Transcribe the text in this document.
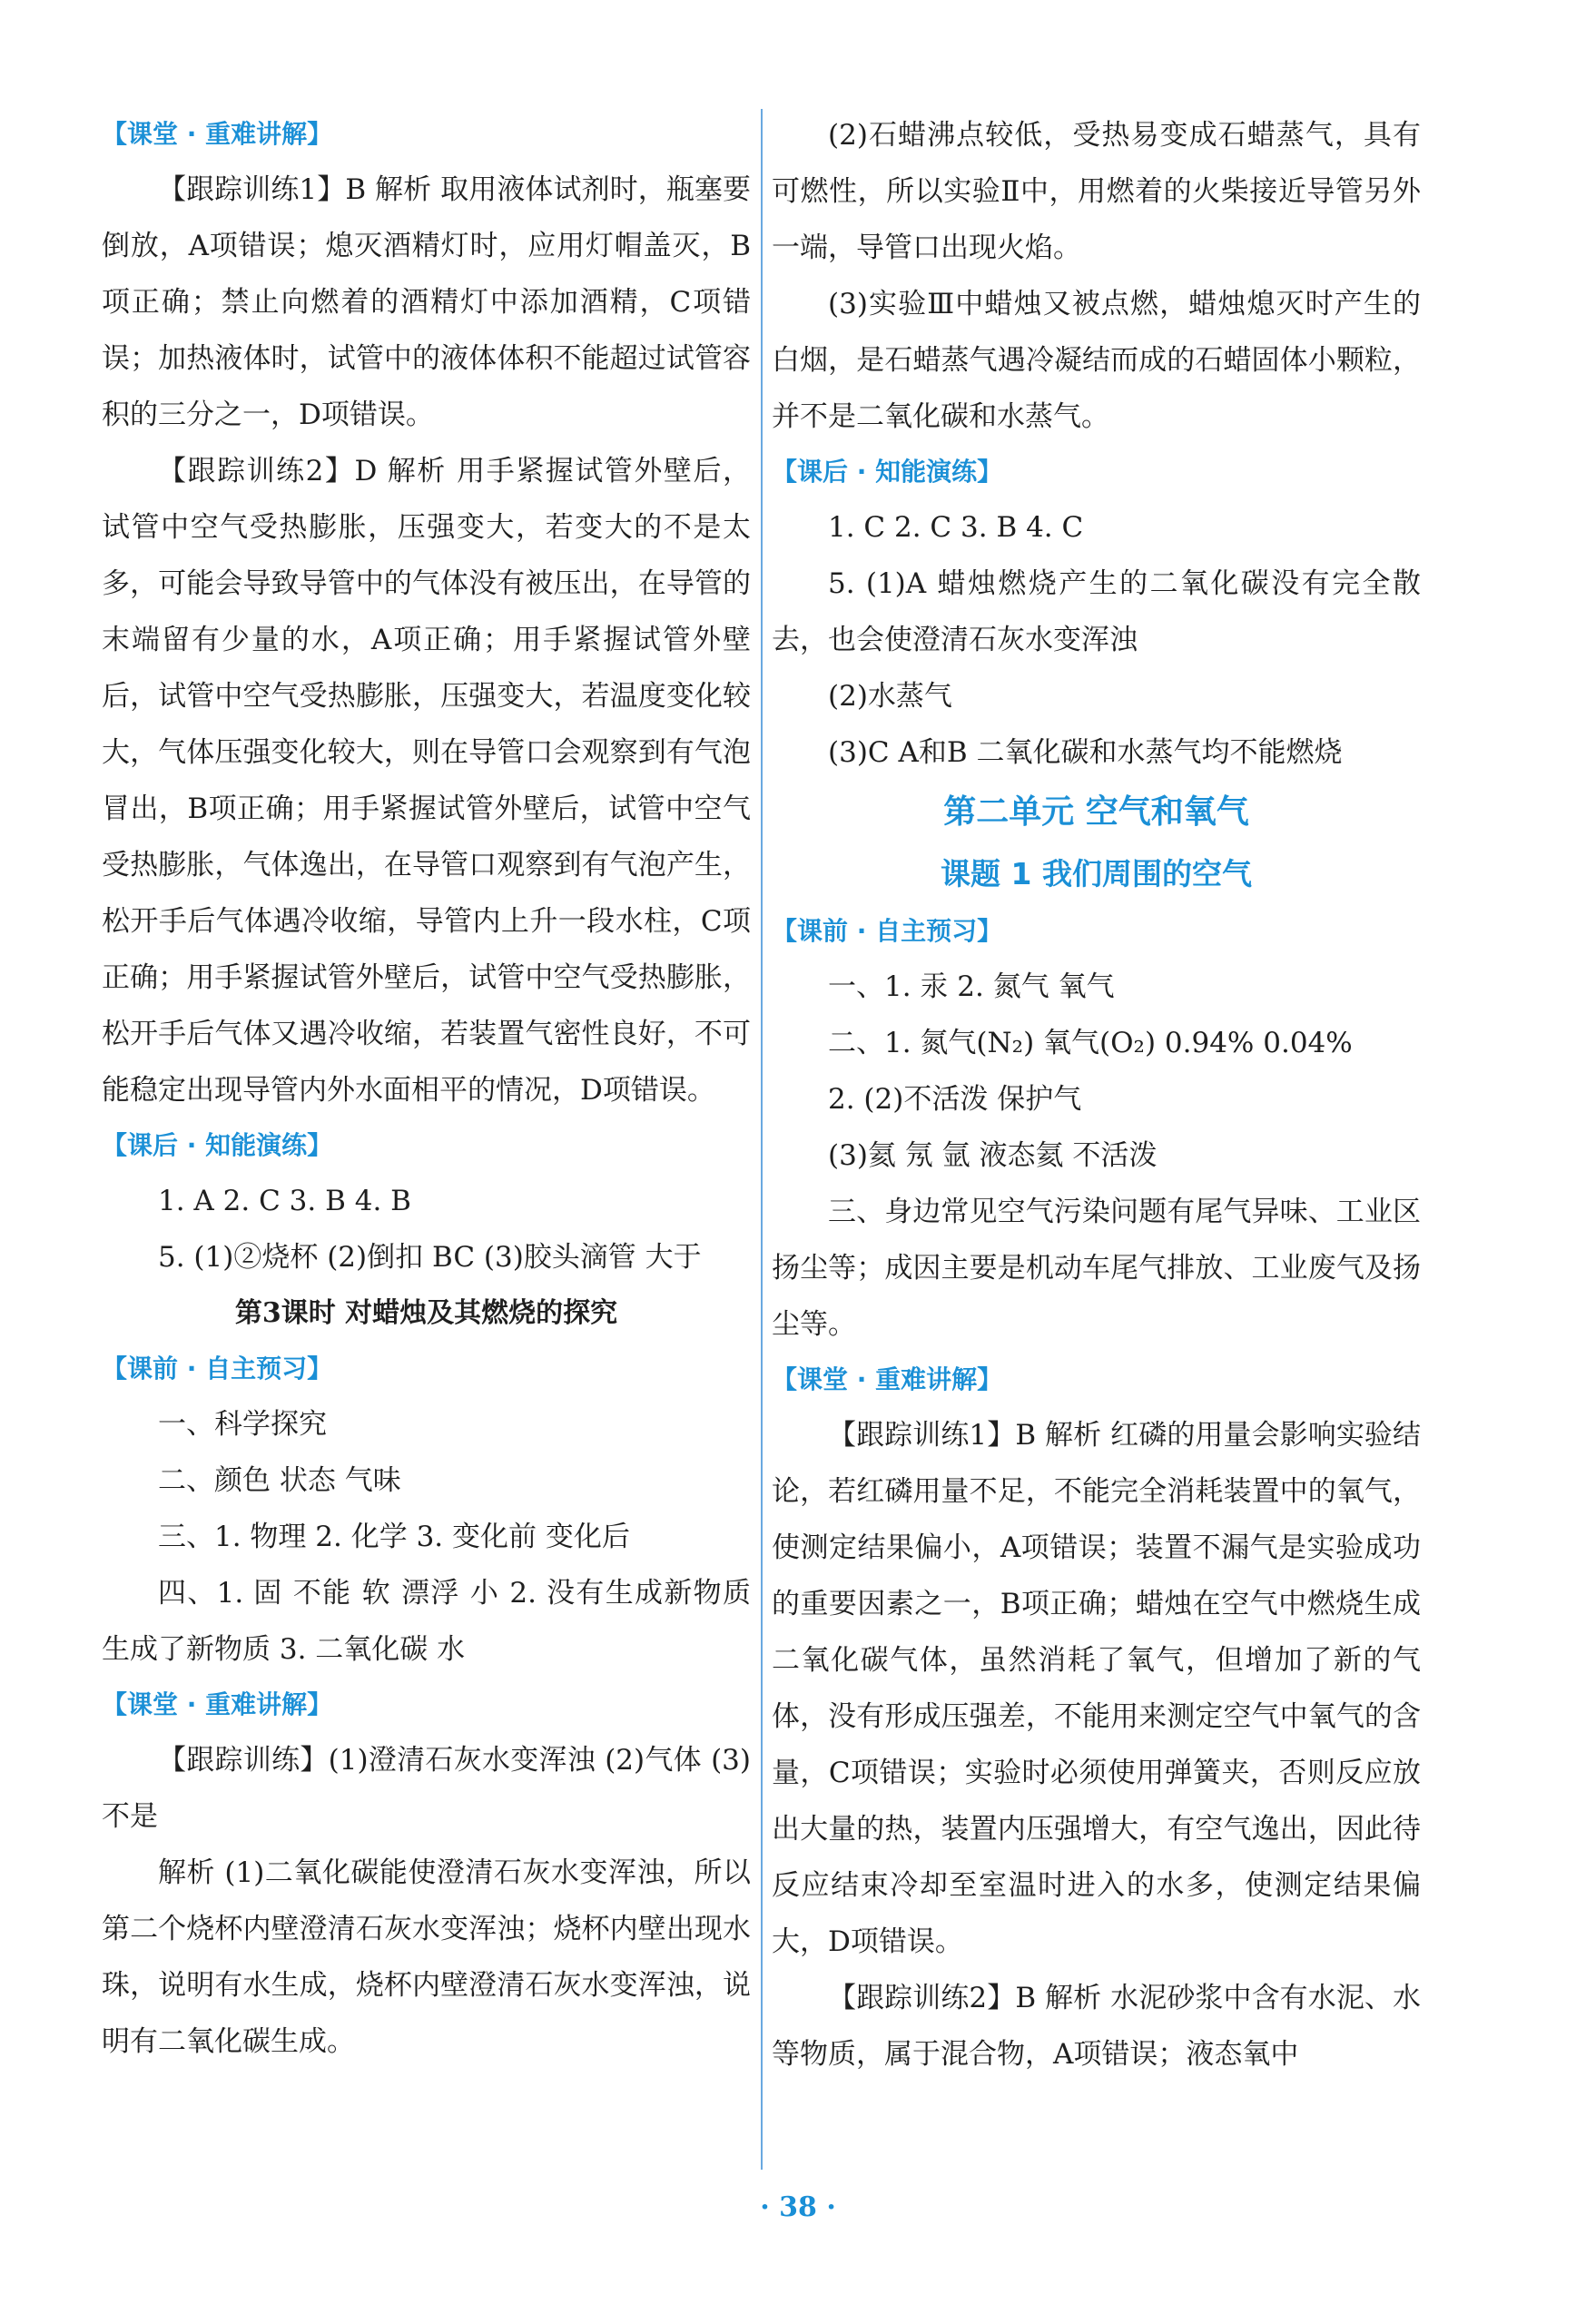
【课堂 · 重难讲解】

【跟踪训练1】B 解析 取用液体试剂时，瓶塞要倒放，A项错误；熄灭酒精灯时，应用灯帽盖灭，B项正确；禁止向燃着的酒精灯中添加酒精，C项错误；加热液体时，试管中的液体体积不能超过试管容积的三分之一，D项错误。

【跟踪训练2】D 解析 用手紧握试管外壁后，试管中空气受热膨胀，压强变大，若变大的不是太多，可能会导致导管中的气体没有被压出，在导管的末端留有少量的水，A项正确；用手紧握试管外壁后，试管中空气受热膨胀，压强变大，若温度变化较大，气体压强变化较大，则在导管口会观察到有气泡冒出，B项正确；用手紧握试管外壁后，试管中空气受热膨胀，气体逸出，在导管口观察到有气泡产生，松开手后气体遇冷收缩，导管内上升一段水柱，C项正确；用手紧握试管外壁后，试管中空气受热膨胀，松开手后气体又遇冷收缩，若装置气密性良好，不可能稳定出现导管内外水面相平的情况，D项错误。

【课后 · 知能演练】

1. A 2. C 3. B 4. B

5. (1)②烧杯 (2)倒扣 BC (3)胶头滴管 大于

第3课时 对蜡烛及其燃烧的探究
【课前 · 自主预习】

一、科学探究

二、颜色 状态 气味

三、1. 物理 2. 化学 3. 变化前 变化后

四、1. 固 不能 软 漂浮 小 2. 没有生成新物质 生成了新物质 3. 二氧化碳 水

【课堂 · 重难讲解】

【跟踪训练】(1)澄清石灰水变浑浊 (2)气体 (3)不是

解析 (1)二氧化碳能使澄清石灰水变浑浊，所以第二个烧杯内壁澄清石灰水变浑浊；烧杯内壁出现水珠，说明有水生成，烧杯内壁澄清石灰水变浑浊，说明有二氧化碳生成。

(2)石蜡沸点较低，受热易变成石蜡蒸气，具有可燃性，所以实验Ⅱ中，用燃着的火柴接近导管另外一端，导管口出现火焰。

(3)实验Ⅲ中蜡烛又被点燃，蜡烛熄灭时产生的白烟，是石蜡蒸气遇冷凝结而成的石蜡固体小颗粒，并不是二氧化碳和水蒸气。

【课后 · 知能演练】

1. C 2. C 3. B 4. C

5. (1)A 蜡烛燃烧产生的二氧化碳没有完全散去，也会使澄清石灰水变浑浊

(2)水蒸气

(3)C A和B 二氧化碳和水蒸气均不能燃烧

第二单元 空气和氧气
课题 1 我们周围的空气
【课前 · 自主预习】

一、1. 汞 2. 氮气 氧气

二、1. 氮气(N₂) 氧气(O₂) 0.94% 0.04%

2. (2)不活泼 保护气

(3)氦 氖 氩 液态氦 不活泼

三、身边常见空气污染问题有尾气异味、工业区扬尘等；成因主要是机动车尾气排放、工业废气及扬尘等。

【课堂 · 重难讲解】

【跟踪训练1】B 解析 红磷的用量会影响实验结论，若红磷用量不足，不能完全消耗装置中的氧气，使测定结果偏小，A项错误；装置不漏气是实验成功的重要因素之一，B项正确；蜡烛在空气中燃烧生成二氧化碳气体，虽然消耗了氧气，但增加了新的气体，没有形成压强差，不能用来测定空气中氧气的含量，C项错误；实验时必须使用弹簧夹，否则反应放出大量的热，装置内压强增大，有空气逸出，因此待反应结束冷却至室温时进入的水多，使测定结果偏大，D项错误。

【跟踪训练2】B 解析 水泥砂浆中含有水泥、水等物质，属于混合物，A项错误；液态氧中

· 38 ·
